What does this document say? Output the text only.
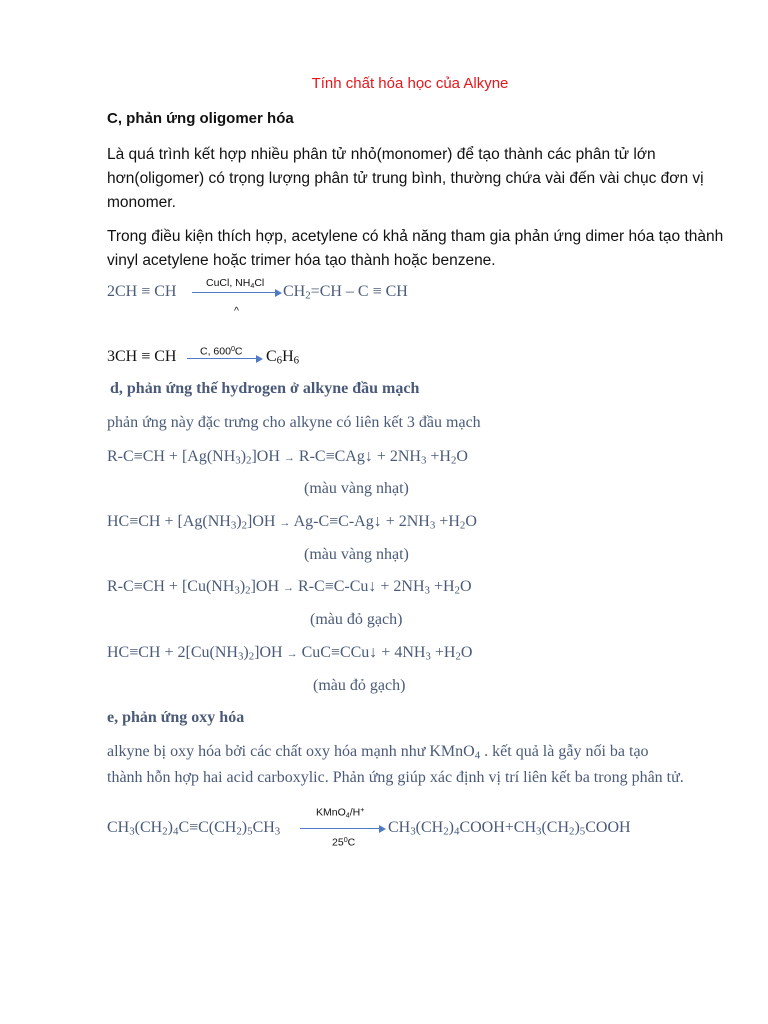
Tính chất hóa học của Alkyne
C, phản ứng oligomer hóa
Là quá trình kết hợp nhiều phân tử nhỏ(monomer) để tạo thành các phân tử lớn hơn(oligomer) có trọng lượng phân tử trung bình, thường chứa vài đến vài chục đơn vị monomer.
Trong điều kiện thích hợp, acetylene có khả năng tham gia phản ứng dimer hóa tạo thành vinyl acetylene hoặc trimer hóa tạo thành hoặc benzene.
2CH ≡ CH	CuCl, $NH_4Cl$ $CH_2=CH - C$ ≡ CH
^
3CH ≡ CH C, $600^0C$ $C_6H_6$
d, phản ứng thế hydrogen ở alkyne đầu mạch
phản ứng này đặc trưng cho alkyne có liên kết 3 đầu mạch
$R-C\equiv CH + [Ag(NH_3)_2]OH$ → R-C≡CAg↓ + $2NH_3 +H_2O$
(màu vàng nhạt)
$HC\equiv CH + [Ag(NH_3)_2]OH$ → Ag-C≡C-Ag↓ + $2NH_3 +H_2O$
(màu vàng nhạt)
$R-C\equiv CH + [Cu(NH_3)_2]OH$ → R-C≡C-Cu↓ + $2NH_3 +H_2O$
(màu đỏ gạch)
$HC\equiv CH + 2[Cu(NH_3)_2]OH$ → CuC≡CCu↓ + $4NH_3 +H_2O$
(màu đỏ gạch)
e, phản ứng oxy hóa
alkyne bị oxy hóa bởi các chất oxy hóa mạnh như KMnO$_4$ . kết quả là gẫy nối ba tạo thành hỗn hợp hai acid carboxylic. Phản ứng giúp xác định vị trí liên kết ba trong phân tử.
$CH_3(CH_2)_4C\equiv C(CH_2)_5CH_3$
KMnO$_4$/H+
$25^0C$
$CH_3(CH_2)_4COOH+CH_3(CH_2)_5COOH$
